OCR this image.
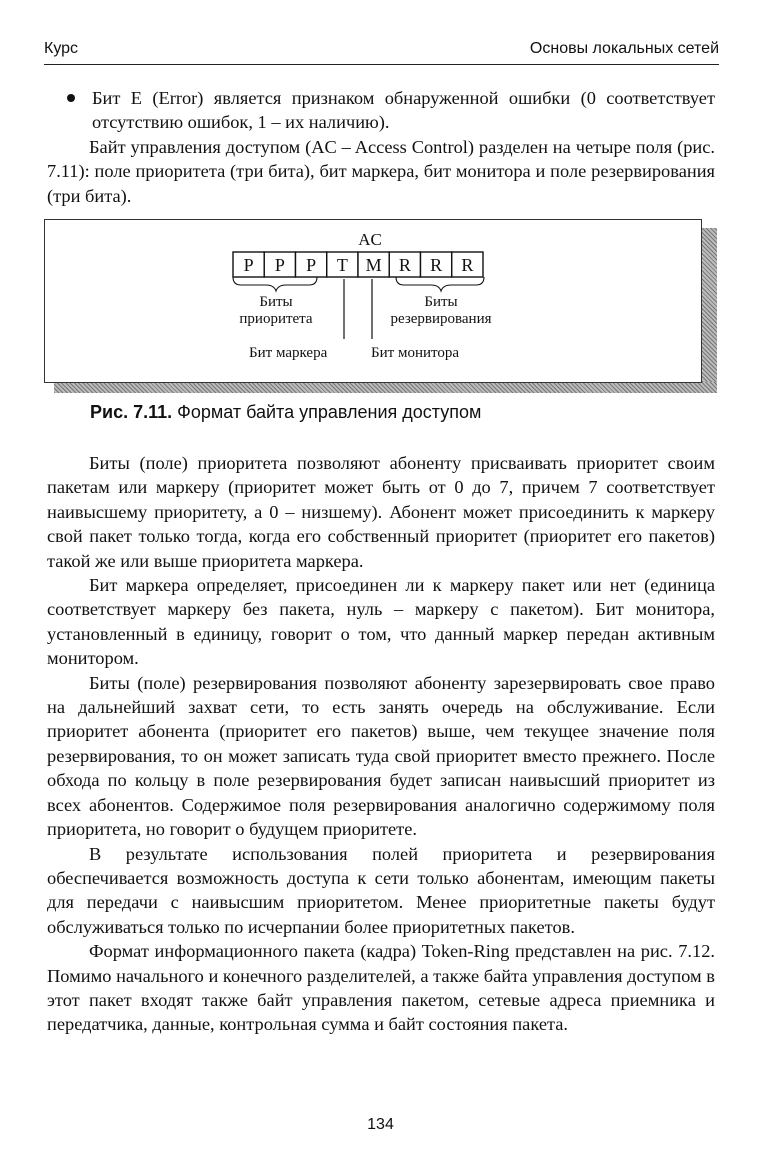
Курс	Основы локальных сетей

Бит E (Error) является признаком обнаруженной ошибки (0 соответствует отсутствию ошибок, 1 – их наличию).

Байт управления доступом (AC – Access Control) разделен на четыре поля (рис. 7.11): поле приоритета (три бита), бит маркера, бит монитора и поле резервирования (три бита).

AC
P P P T M R R R
Биты
приоритета
Биты
резервирования
Бит маркера	Бит монитора
Рис. 7.11. Формат байта управления доступом

Биты (поле) приоритета позволяют абоненту присваивать приоритет своим пакетам или маркеру (приоритет может быть от 0 до 7, причем 7 соответствует наивысшему приоритету, а 0 – низшему). Абонент может присоединить к маркеру свой пакет только тогда, когда его собственный приоритет (приоритет его пакетов) такой же или выше приоритета маркера.

Бит маркера определяет, присоединен ли к маркеру пакет или нет (единица соответствует маркеру без пакета, нуль – маркеру с пакетом). Бит монитора, установленный в единицу, говорит о том, что данный маркер передан активным монитором.

Биты (поле) резервирования позволяют абоненту зарезервировать свое право на дальнейший захват сети, то есть занять очередь на обслуживание. Если приоритет абонента (приоритет его пакетов) выше, чем текущее значение поля резервирования, то он может записать туда свой приоритет вместо прежнего. После обхода по кольцу в поле резервирования будет записан наивысший приоритет из всех абонентов. Содержимое поля резервирования аналогично содержимому поля приоритета, но говорит о будущем приоритете.

В результате использования полей приоритета и резервирования обеспечивается возможность доступа к сети только абонентам, имеющим пакеты для передачи с наивысшим приоритетом. Менее приоритетные пакеты будут обслуживаться только по исчерпании более приоритетных пакетов.

Формат информационного пакета (кадра) Token-Ring представлен на рис. 7.12. Помимо начального и конечного разделителей, а также байта управления доступом в этот пакет входят также байт управления пакетом, сетевые адреса приемника и передатчика, данные, контрольная сумма и байт состояния пакета.

134
